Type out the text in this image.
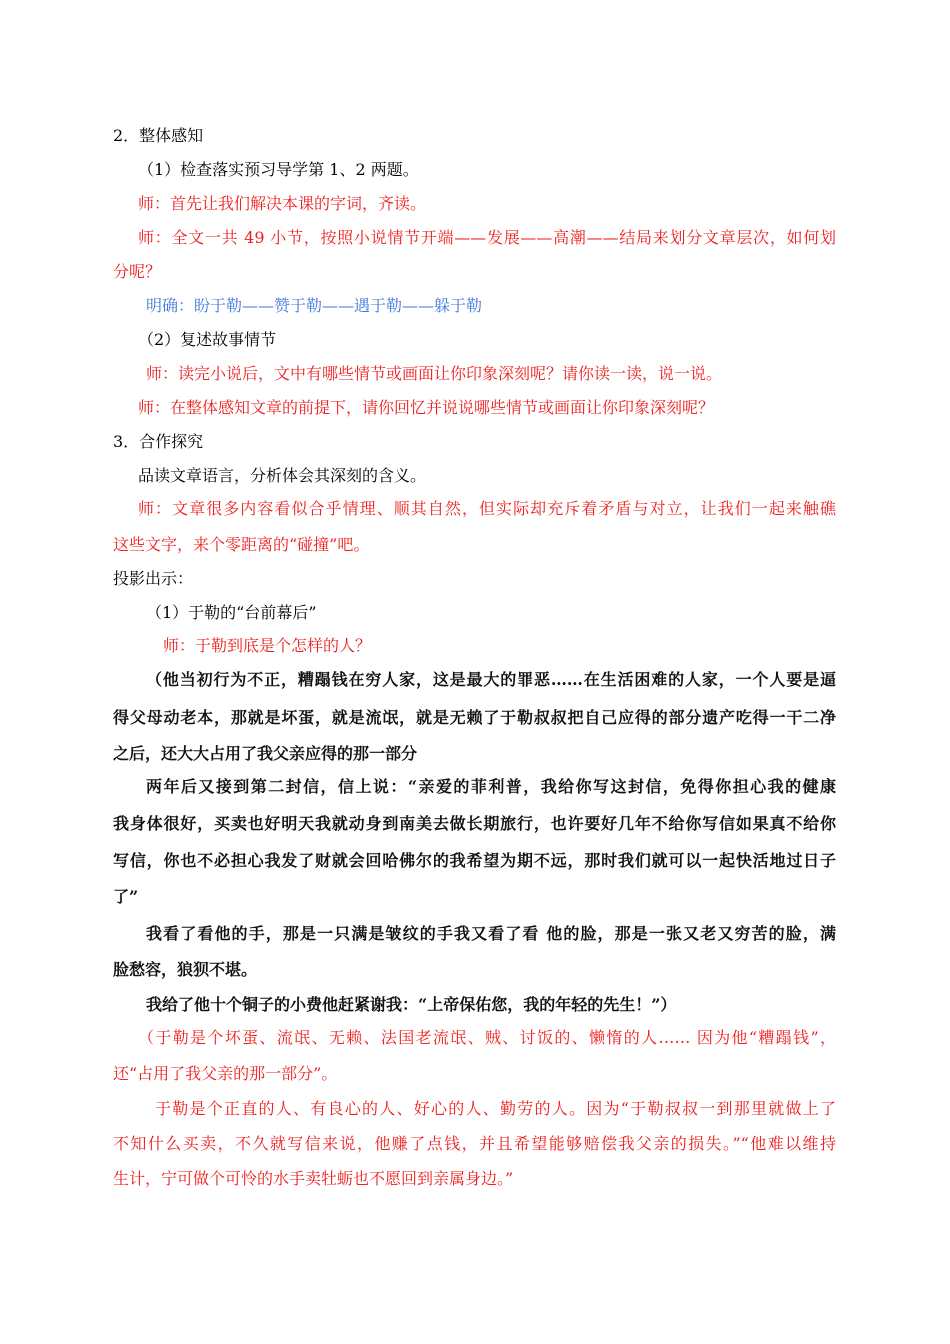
2．整体感知
（1）检查落实预习导学第 1、2 两题。
师：首先让我们解决本课的字词，齐读。
师：全文一共 49 小节，按照小说情节开端——发展——高潮——结局来划分文章层次，如何划
分呢？
明确：盼于勒——赞于勒——遇于勒——躲于勒
（2）复述故事情节
师：读完小说后，文中有哪些情节或画面让你印象深刻呢？请你读一读，说一说。
师：在整体感知文章的前提下，请你回忆并说说哪些情节或画面让你印象深刻呢？
3．合作探究
品读文章语言，分析体会其深刻的含义。
师：文章很多内容看似合乎情理、顺其自然，但实际却充斥着矛盾与对立，让我们一起来触礁
这些文字，来个零距离的“碰撞”吧。
投影出示：
（1）于勒的“台前幕后”
师：于勒到底是个怎样的人？
（他当初行为不正，糟蹋钱在穷人家，这是最大的罪恶……在生活困难的人家，一个人要是逼
得父母动老本，那就是坏蛋，就是流氓，就是无赖了于勒叔叔把自己应得的部分遗产吃得一干二净
之后，还大大占用了我父亲应得的那一部分
两年后又接到第二封信，信上说：“亲爱的菲利普，我给你写这封信，免得你担心我的健康
我身体很好，买卖也好明天我就动身到南美去做长期旅行，也许要好几年不给你写信如果真不给你
写信，你也不必担心我发了财就会回哈佛尔的我希望为期不远，那时我们就可以一起快活地过日子
了”
我看了看他的手，那是一只满是皱纹的手我又看了看 他的脸，那是一张又老又穷苦的脸，满
脸愁容，狼狈不堪。
我给了他十个铜子的小费他赶紧谢我：“上帝保佑您，我的年轻的先生！”）
（于勒是个坏蛋、流氓、无赖、法国老流氓、贼、讨饭的、懒惰的人…… 因为他“糟蹋钱”，
还“占用了我父亲的那一部分”。
于勒是个正直的人、有良心的人、好心的人、勤劳的人。因为“于勒叔叔一到那里就做上了
不知什么买卖，不久就写信来说，他赚了点钱，并且希望能够赔偿我父亲的损失。”“他难以维持
生计，宁可做个可怜的水手卖牡蛎也不愿回到亲属身边。”
